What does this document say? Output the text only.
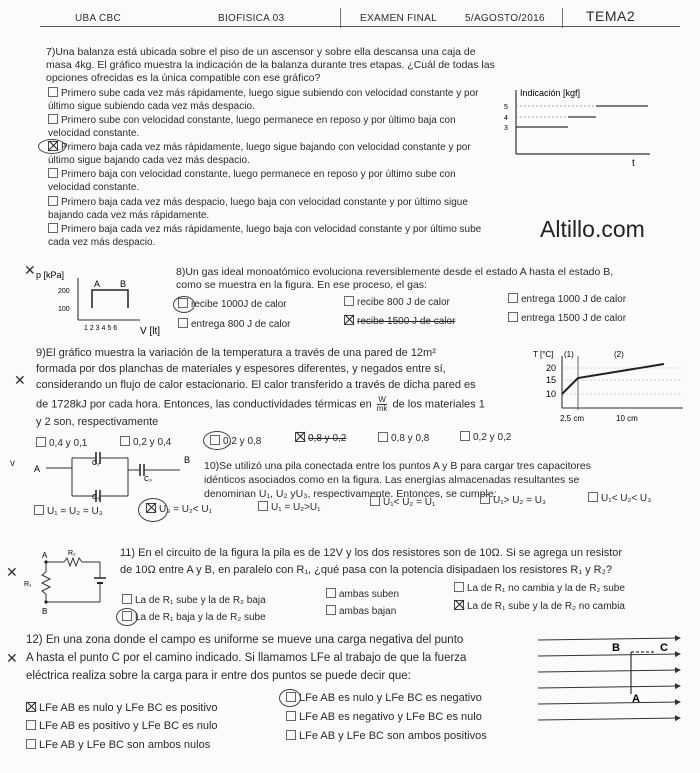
UBA CBC	BIOFISICA 03	EXAMEN FINAL	5/AGOSTO/2016	TEMA2
7)Una balanza está ubicada sobre el piso de un ascensor y sobre ella descansa una caja de masa 4kg. El gráfico muestra la indicación de la balanza durante tres etapas. ¿Cuál de todas las opciones ofrecidas es la única compatible con ese gráfico?
Primero sube cada vez más rápidamente, luego sigue subiendo con velocidad constante y por último sigue subiendo cada vez más despacio.
Primero sube con velocidad constante, luego permanece en reposo y por último baja con velocidad constante.
Primero baja cada vez más rápidamente, luego sigue bajando con velocidad constante y por último sigue bajando cada vez más despacio.
Primero baja con velocidad constante, luego permanece en reposo y por último sube con velocidad constante.
Primero baja cada vez más despacio, luego baja con velocidad constante y por último sigue bajando cada vez más rápidamente.
Primero baja cada vez más rápidamente, luego baja con velocidad constante y por último sube cada vez más despacio.
Indicación [kgf]
5
4
3
t
Altillo.com
✕ p [kPa]
200
100
1 2 3 4 5 6 V [lt]
A B
8)Un gas ideal monoatómico evoluciona reversiblemente desde el estado A hasta el estado B,
como se muestra en la figura. En ese proceso, el gas:
recibe 1000J de calor	recibe 800 J de calor	entrega 1000 J de calor
entrega 800 J de calor	recibe 1500 J de calor	entrega 1500 J de calor
✕
9)El gráfico muestra la variación de la temperatura a través de una pared de 12m²
formada por dos planchas de materiales y espesores diferentes, y negados entre sí,
considerando un flujo de calor estacionario. El calor transferido a través de dicha pared es
de 1728kJ por cada hora. Entonces, las conductividades térmicas en $\frac{W}{mk}$ de los materiales 1
y 2 son, respectivamente
0,4 y 0,1	0,2 y 0,4	0,2 y 0,8	0,8 y 0,2	0,8 y 0,8	0,2 y 0,2
T [°C] (1)	(2)
20
15
10
2,5 cm	10 cm
v A
B
C₁
C₂
C₃
10)Se utilizó una pila conectada entre los puntos A y B para cargar tres capacitores
idénticos asociados como en la figura. Las energías almacenadas resultantes se
denominan U₁, U₂ yU₃, respectivamente. Entonces, se cumple:
U₁ = U₂ = U₃	U₃ = U₂< U₁	U₁ = U₂>U₁	U₁< U₂ = U₁	U₁> U₂ = U₃	U₁< U₂< U₃
✕
A
B
R₂
R₁
11) En el circuito de la figura la pila es de 12V y los dos resistores son de 10Ω. Si se agrega un resistor
de 10Ω entre A y B, en paralelo con R₁, ¿qué pasa con la potencia disipadaen los resistores R₁ y R₂?
La de R₁ sube y la de R₂ baja
ambas suben
La de R₁ no cambia y la de R₂ sube
La de R₁ baja y la de R₂ sube
ambas bajan	La de R₁ sube y la de R₂ no cambia
✕
12) En una zona donde el campo es uniforme se mueve una carga negativa del punto
A hasta el punto C por el camino indicado. Si llamamos LFe al trabajo de que la fuerza
eléctrica realiza sobre la carga para ir entre dos puntos se puede decir que:
LFe AB es nulo y LFe BC es positivo
LFe AB es nulo y LFe BC es negativo
LFe AB es positivo y LFe BC es nulo
LFe AB es negativo y LFe BC es nulo
LFe AB y LFe BC son ambos nulos
LFe AB y LFe BC son ambos positivos
B	C
A
